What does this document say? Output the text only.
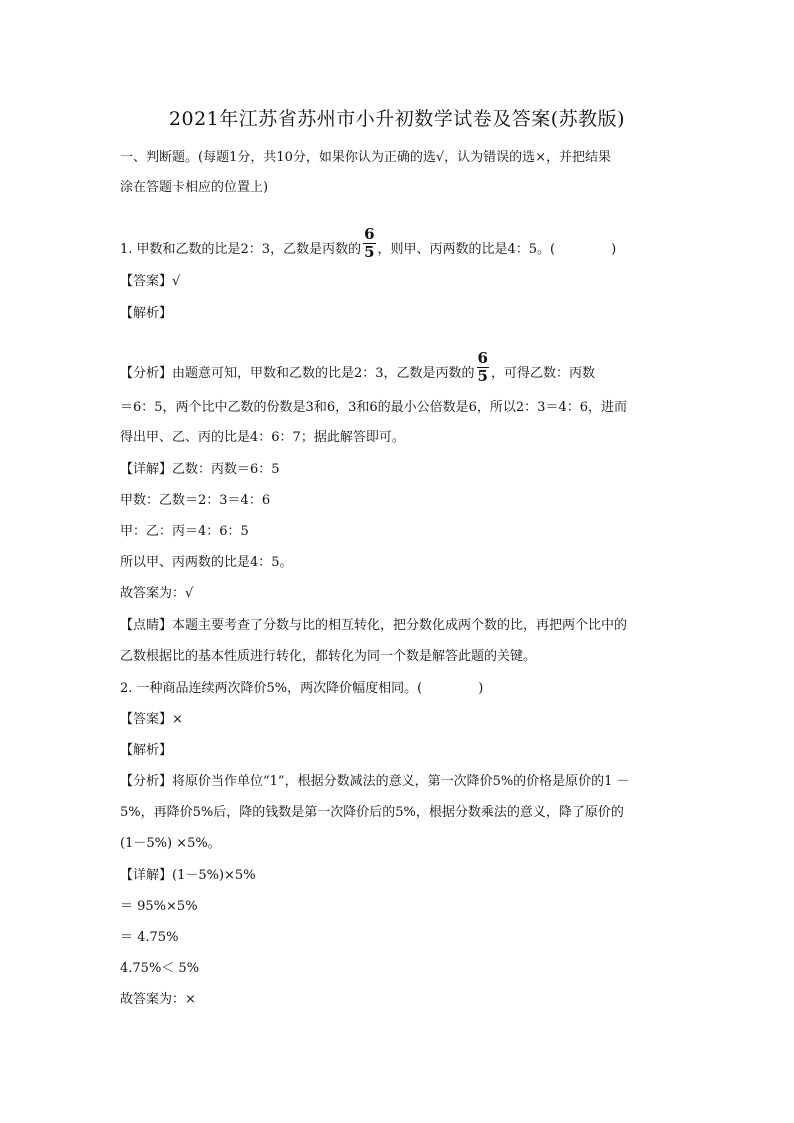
2021年江苏省苏州市小升初数学试卷及答案(苏教版)
一、判断题。(每题1分，共10分，如果你认为正确的选√，认为错误的选×，并把结果
涂在答题卡相应的位置上)
1. 甲数和乙数的比是2：3，乙数是丙数的 $\frac{6}{5}$ ，则甲、丙两数的比是4：5。(	)
【答案】√
【解析】
【分析】由题意可知，甲数和乙数的比是2：3，乙数是丙数的 $\frac{6}{5}$ ，可得乙数：丙数
＝6：5，两个比中乙数的份数是3和6，3和6的最小公倍数是6，所以2：3＝4：6，进而
得出甲、乙、丙的比是4：6：7；据此解答即可。
【详解】乙数：丙数＝6：5
甲数：乙数＝2：3＝4：6
甲：乙：丙＝4：6：5
所以甲、丙两数的比是4：5。
故答案为：√
【点睛】本题主要考查了分数与比的相互转化，把分数化成两个数的比，再把两个比中的
乙数根据比的基本性质进行转化，都转化为同一个数是解答此题的关键。
2. 一种商品连续两次降价5%，两次降价幅度相同。(	)
【答案】×
【解析】
【分析】将原价当作单位“1”，根据分数减法的意义，第一次降价5%的价格是原价的1 －
5%，再降价5%后，降的钱数是第一次降价后的5%，根据分数乘法的意义，降了原价的
(1－5%) ×5%。
【详解】(1－5%)×5%
＝ 95%×5%
＝ 4.75%
4.75%＜ 5%
故答案为：×
